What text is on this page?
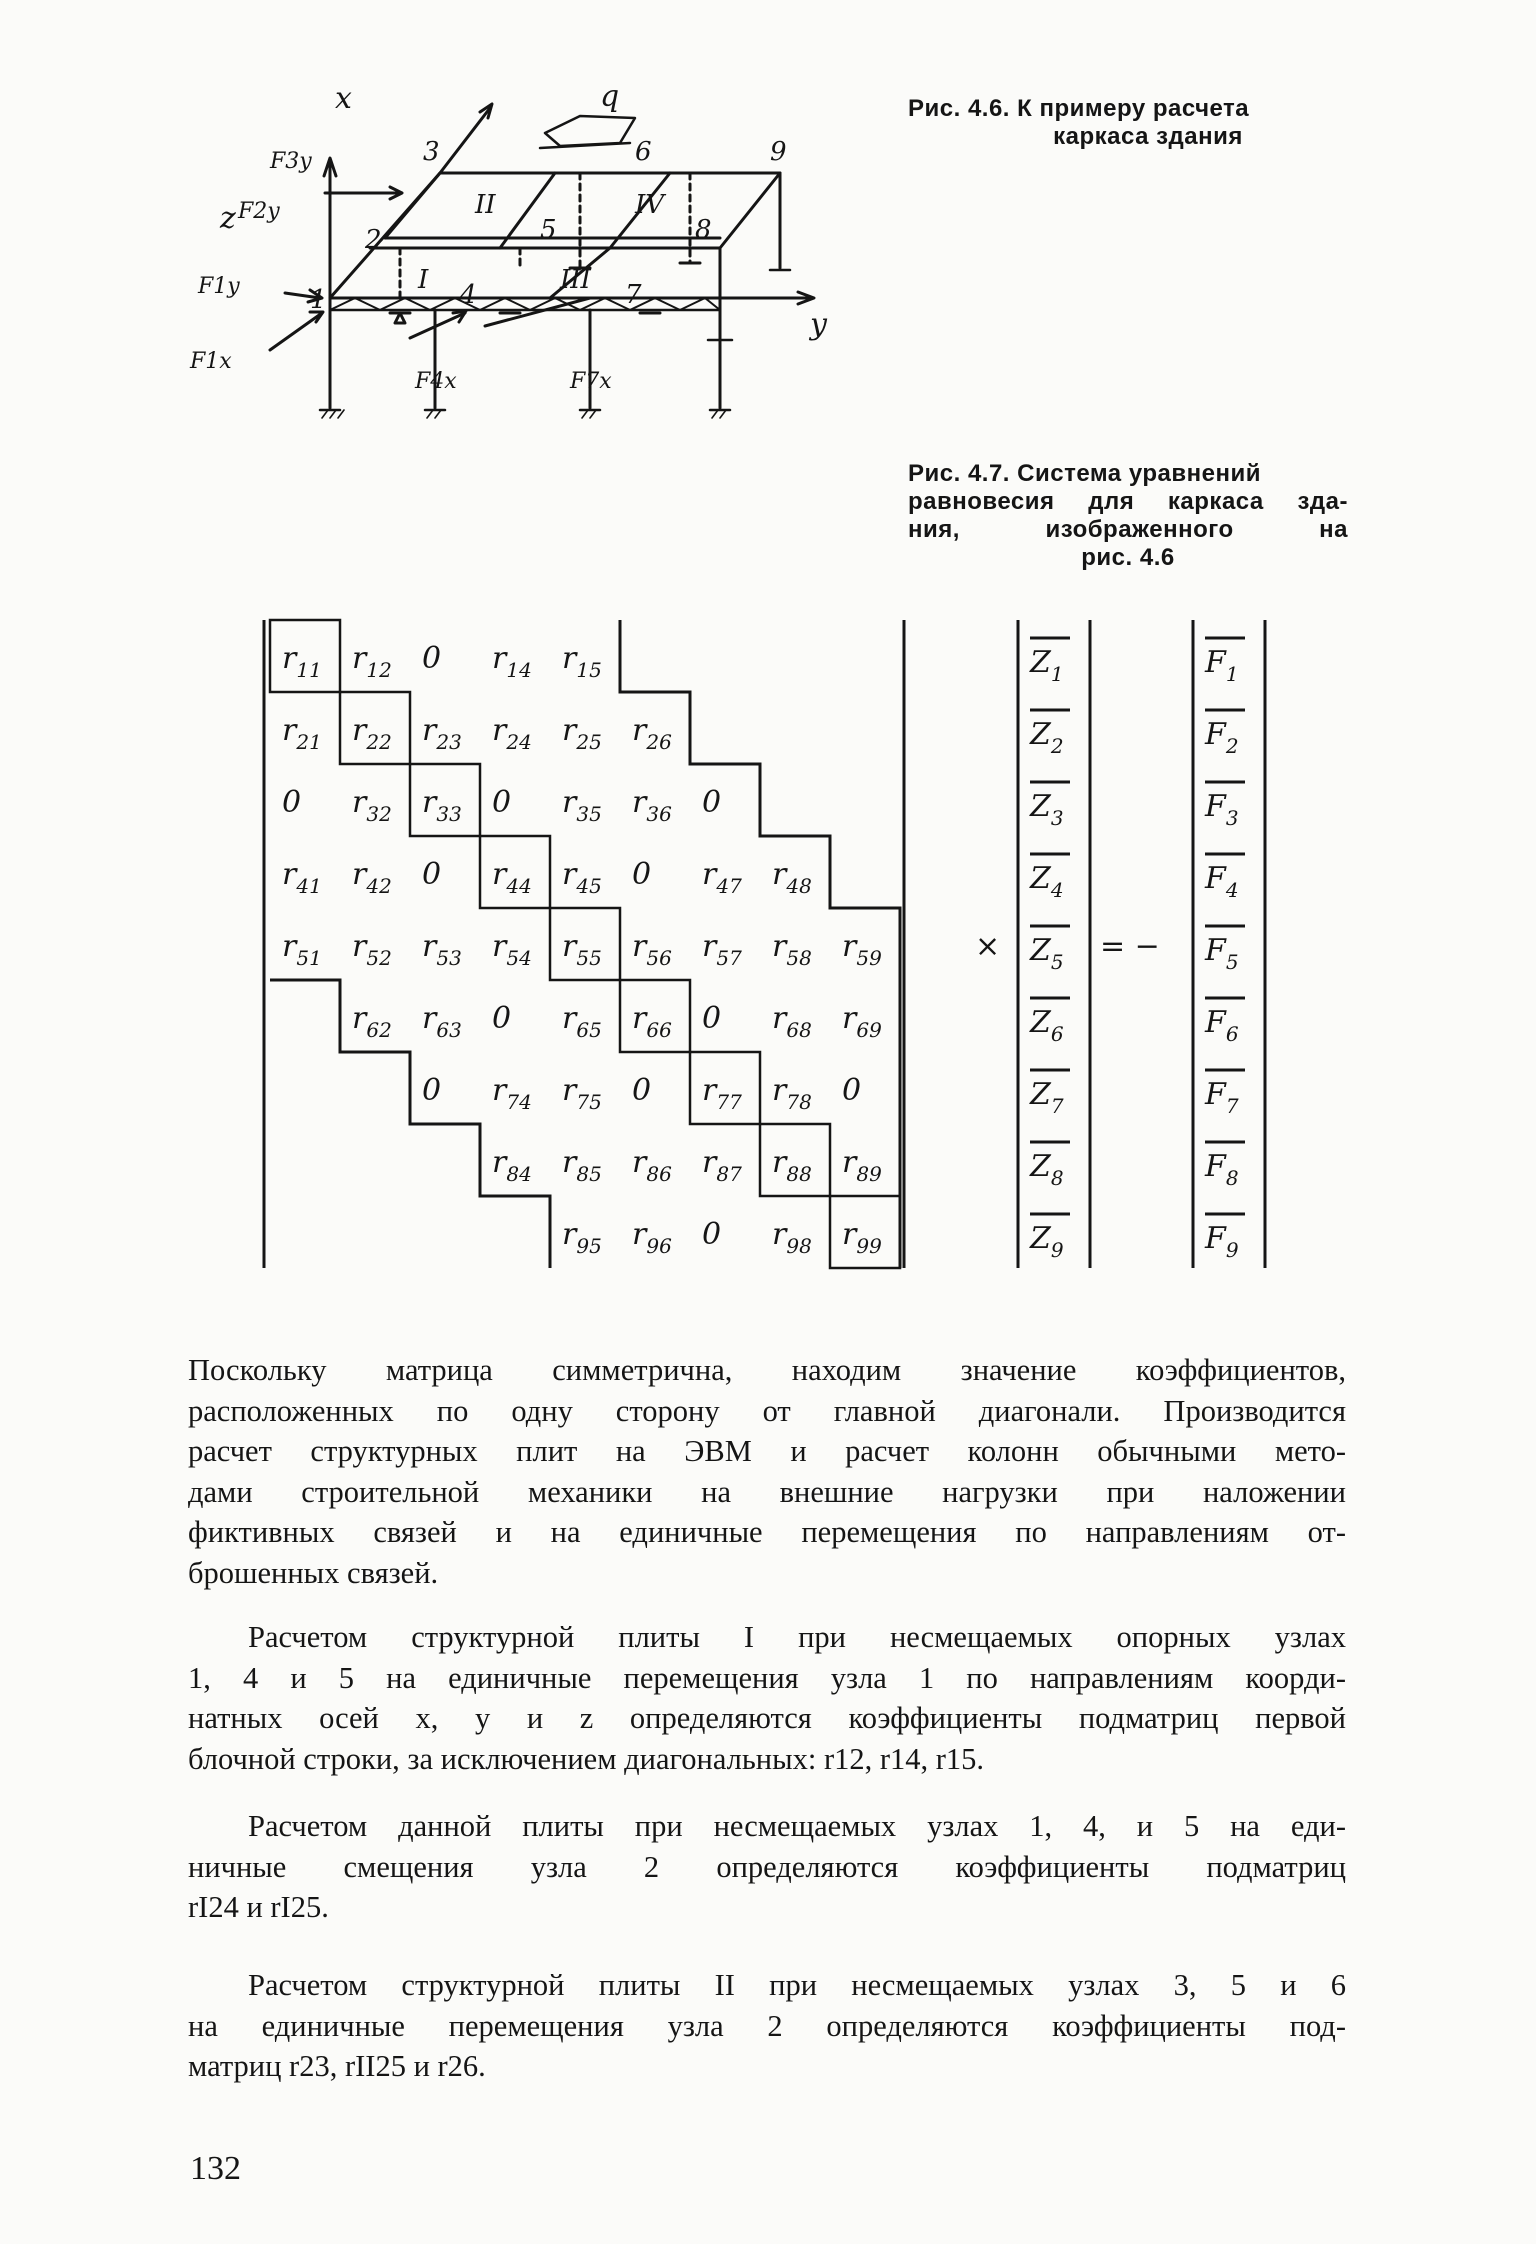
Рис. 4.6. К примеру расчета
каркаса здания
Рис. 4.7. Система уравнений
равновесия для каркаса зда-
ния, изображенного на
рис. 4.6
x
y
z
q
F3y
F2y
F1y
F1x
F4x	F7x
1
2
3
4
5
6
7
8
9
I
II
III
IV
$r_{11}$ $r_{12}$ 0 $r_{14}$ $r_{15}$
$r_{21}$ $r_{22}$ $r_{23}$ $r_{24}$ $r_{25}$ $r_{26}$
0 $r_{32}$ $r_{33}$ 0 $r_{35}$ $r_{36}$ 0
$r_{41}$ $r_{42}$ 0 $r_{44}$ $r_{45}$ 0 $r_{47}$ $r_{48}$
$r_{51}$ $r_{52}$ $r_{53}$ $r_{54}$ $r_{55}$ $r_{56}$ $r_{57}$ $r_{58}$ $r_{59}$
$r_{62}$ $r_{63}$ 0 $r_{65}$ $r_{66}$ 0 $r_{68}$ $r_{69}$
0 $r_{74}$ $r_{75}$ 0 $r_{77}$ $r_{78}$ 0
$r_{84}$ $r_{85}$ $r_{86}$ $r_{87}$ $r_{88}$ $r_{89}$
$r_{95}$ $r_{96}$ 0 $r_{98}$ $r_{99}$
×	= −
$Z_1$
$Z_2$
$Z_3$
$Z_4$
$Z_5$
$Z_6$
$Z_7$
$Z_8$
$Z_9$
$F_1$
$F_2$
$F_3$
$F_4$
$F_5$
$F_6$
$F_7$
$F_8$
$F_9$
Поскольку матрица симметрична, находим значение коэффициентов,
расположенных по одну сторону от главной диагонали. Производится
расчет структурных плит на ЭВМ и расчет колонн обычными мето-
дами строительной механики на внешние нагрузки при наложении
фиктивных связей и на единичные перемещения по направлениям от-
брошенных связей.
Расчетом структурной плиты I при несмещаемых опорных узлах
1, 4 и 5 на единичные перемещения узла 1 по направлениям коорди-
натных осей x, y и z определяются коэффициенты подматриц первой
блочной строки, за исключением диагональных: r12, r14, r15.
Расчетом данной плиты при несмещаемых узлах 1, 4, и 5 на еди-
ничные смещения узла 2 определяются коэффициенты подматриц
rI24 и rI25.
Расчетом структурной плиты II при несмещаемых узлах 3, 5 и 6
на единичные перемещения узла 2 определяются коэффициенты под-
матриц r23, rII25 и r26.
132
